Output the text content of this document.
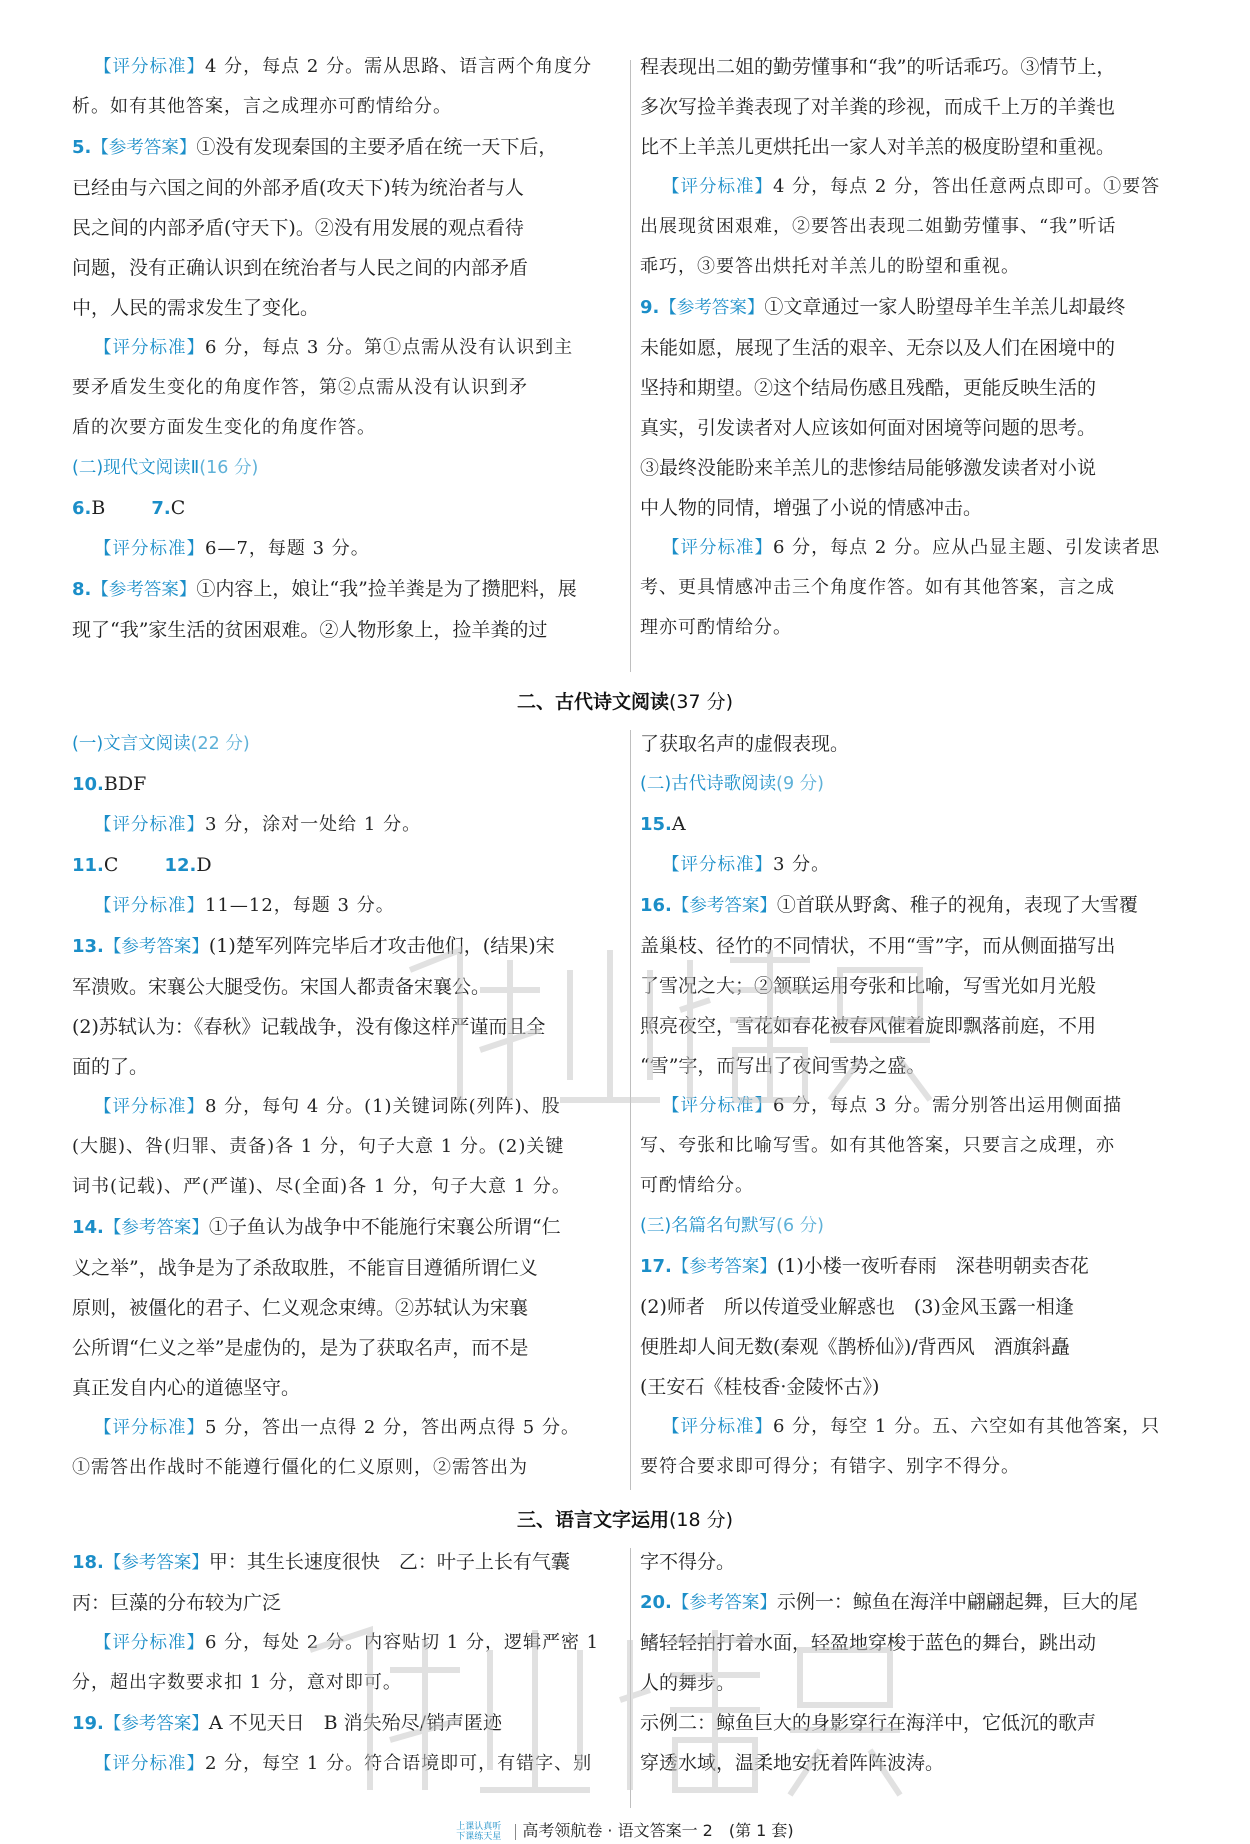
【评分标准】4 分，每点 2 分。需从思路、语言两个角度分

析。如有其他答案，言之成理亦可酌情给分。

5.【参考答案】①没有发现秦国的主要矛盾在统一天下后，

已经由与六国之间的外部矛盾(攻天下)转为统治者与人

民之间的内部矛盾(守天下)。②没有用发展的观点看待

问题，没有正确认识到在统治者与人民之间的内部矛盾

中，人民的需求发生了变化。

【评分标准】6 分，每点 3 分。第①点需从没有认识到主

要矛盾发生变化的角度作答，第②点需从没有认识到矛

盾的次要方面发生变化的角度作答。

(二)现代文阅读Ⅱ(16 分)

6.B	7.C

【评分标准】6—7，每题 3 分。

8.【参考答案】①内容上，娘让“我”捡羊粪是为了攒肥料，展

现了“我”家生活的贫困艰难。②人物形象上，捡羊粪的过

程表现出二姐的勤劳懂事和“我”的听话乖巧。③情节上，

多次写捡羊粪表现了对羊粪的珍视，而成千上万的羊粪也

比不上羊羔儿更烘托出一家人对羊羔的极度盼望和重视。

【评分标准】4 分，每点 2 分，答出任意两点即可。①要答

出展现贫困艰难，②要答出表现二姐勤劳懂事、“我”听话

乖巧，③要答出烘托对羊羔儿的盼望和重视。

9.【参考答案】①文章通过一家人盼望母羊生羊羔儿却最终

未能如愿，展现了生活的艰辛、无奈以及人们在困境中的

坚持和期望。②这个结局伤感且残酷，更能反映生活的

真实，引发读者对人应该如何面对困境等问题的思考。

③最终没能盼来羊羔儿的悲惨结局能够激发读者对小说

中人物的同情，增强了小说的情感冲击。

【评分标准】6 分，每点 2 分。应从凸显主题、引发读者思

考、更具情感冲击三个角度作答。如有其他答案，言之成

理亦可酌情给分。

二、古代诗文阅读(37 分)

(一)文言文阅读(22 分)

10.BDF

【评分标准】3 分，涂对一处给 1 分。

11.C	12.D

【评分标准】11—12，每题 3 分。

13.【参考答案】(1)楚军列阵完毕后才攻击他们，(结果)宋

军溃败。宋襄公大腿受伤。宋国人都责备宋襄公。

(2)苏轼认为：《春秋》记载战争，没有像这样严谨而且全

面的了。

【评分标准】8 分，每句 4 分。(1)关键词陈(列阵)、股

(大腿)、咎(归罪、责备)各 1 分，句子大意 1 分。(2)关键

词书(记载)、严(严谨)、尽(全面)各 1 分，句子大意 1 分。

14.【参考答案】①子鱼认为战争中不能施行宋襄公所谓“仁

义之举”，战争是为了杀敌取胜，不能盲目遵循所谓仁义

原则，被僵化的君子、仁义观念束缚。②苏轼认为宋襄

公所谓“仁义之举”是虚伪的，是为了获取名声，而不是

真正发自内心的道德坚守。

【评分标准】5 分，答出一点得 2 分，答出两点得 5 分。

①需答出作战时不能遵行僵化的仁义原则，②需答出为

了获取名声的虚假表现。

(二)古代诗歌阅读(9 分)

15.A

【评分标准】3 分。

16.【参考答案】①首联从野禽、稚子的视角，表现了大雪覆

盖巢枝、径竹的不同情状，不用“雪”字，而从侧面描写出

了雪况之大；②颔联运用夸张和比喻，写雪光如月光般

照亮夜空，雪花如春花被春风催着旋即飘落前庭，不用

“雪”字，而写出了夜间雪势之盛。

【评分标准】6 分，每点 3 分。需分别答出运用侧面描

写、夸张和比喻写雪。如有其他答案，只要言之成理，亦

可酌情给分。

(三)名篇名句默写(6 分)

17.【参考答案】(1)小楼一夜听春雨　深巷明朝卖杏花

(2)师者　所以传道受业解惑也　(3)金风玉露一相逢

便胜却人间无数(秦观《鹊桥仙》)/背西风　酒旗斜矗

(王安石《桂枝香·金陵怀古》)

【评分标准】6 分，每空 1 分。五、六空如有其他答案，只

要符合要求即可得分；有错字、别字不得分。

三、语言文字运用(18 分)

18.【参考答案】甲：其生长速度很快　乙：叶子上长有气囊

丙：巨藻的分布较为广泛

【评分标准】6 分，每处 2 分。内容贴切 1 分，逻辑严密 1

分，超出字数要求扣 1 分，意对即可。

19.【参考答案】A 不见天日　B 消失殆尽/销声匿迹

【评分标准】2 分，每空 1 分。符合语境即可，有错字、别

字不得分。

20.【参考答案】示例一：鲸鱼在海洋中翩翩起舞，巨大的尾

鳍轻轻拍打着水面，轻盈地穿梭于蓝色的舞台，跳出动

人的舞步。

示例二：鲸鱼巨大的身影穿行在海洋中，它低沉的歌声

穿透水域，温柔地安抚着阵阵波涛。

上课认真听
下课练天星 高考领航卷 · 语文答案一 2　(第 1 套)
